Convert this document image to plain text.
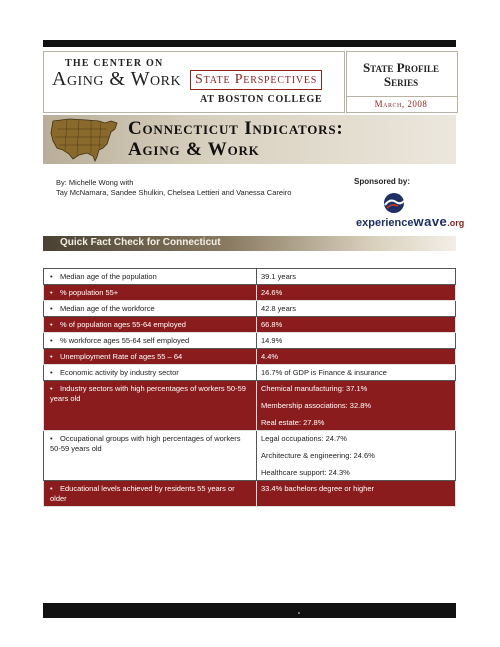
THE CENTER ON
Aging & Work State Perspectives
AT BOSTON COLLEGE
State Profile
Series
March, 2008
Connecticut Indicators:
Aging & Work
By: Michelle Wong with
Tay McNamara, Sandee Shulkin, Chelsea Lettieri and Vanessa Careiro
Sponsored by:
experiencewave.org
Quick Fact Check for Connecticut
• Median age of the population	39.1 years

• % population 55+	24.6%

• Median age of the workforce	42.8 years

• % of population ages 55-64 employed	66.8%

• % workforce ages 55-64 self employed	14.9%

• Unemployment Rate of ages 55 – 64	4.4%

• Economic activity by industry sector	16.7% of GDP is Finance & insurance

• Industry sectors with high percentages of workers 50-59 years old	Chemical manufacturing: 37.1%
Membership associations: 32.8%
Real estate: 27.8%

• Occupational groups with high percentages of workers 50-59 years old	Legal occupations: 24.7%
Architecture & engineering: 24.6%
Healthcare support: 24.3%

• Educational levels achieved by residents 55 years or older	33.4% bachelors degree or higher
